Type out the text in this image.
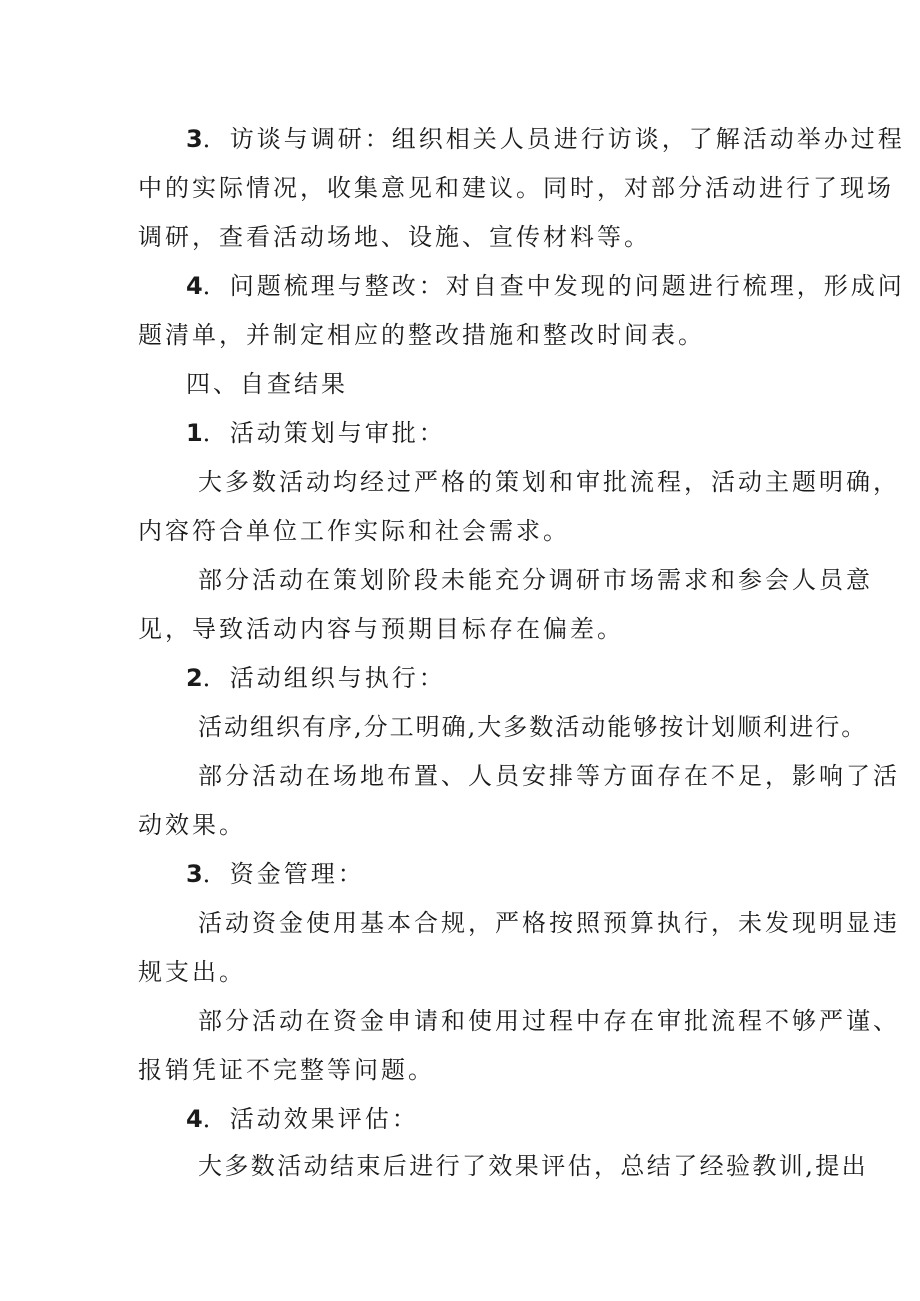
3．访谈与调研：组织相关人员进行访谈，了解活动举办过程
中的实际情况，收集意见和建议。同时，对部分活动进行了现场
调研，查看活动场地、设施、宣传材料等。
4．问题梳理与整改：对自查中发现的问题进行梳理，形成问
题清单，并制定相应的整改措施和整改时间表。
四、自查结果
1．活动策划与审批：
大多数活动均经过严格的策划和审批流程，活动主题明确，
内容符合单位工作实际和社会需求。
部分活动在策划阶段未能充分调研市场需求和参会人员意
见，导致活动内容与预期目标存在偏差。
2．活动组织与执行：
活动组织有序,分工明确,大多数活动能够按计划顺利进行。
部分活动在场地布置、人员安排等方面存在不足，影响了活
动效果。
3．资金管理：
活动资金使用基本合规，严格按照预算执行，未发现明显违
规支出。
部分活动在资金申请和使用过程中存在审批流程不够严谨、
报销凭证不完整等问题。
4．活动效果评估：
大多数活动结束后进行了效果评估，总结了经验教训,提出
